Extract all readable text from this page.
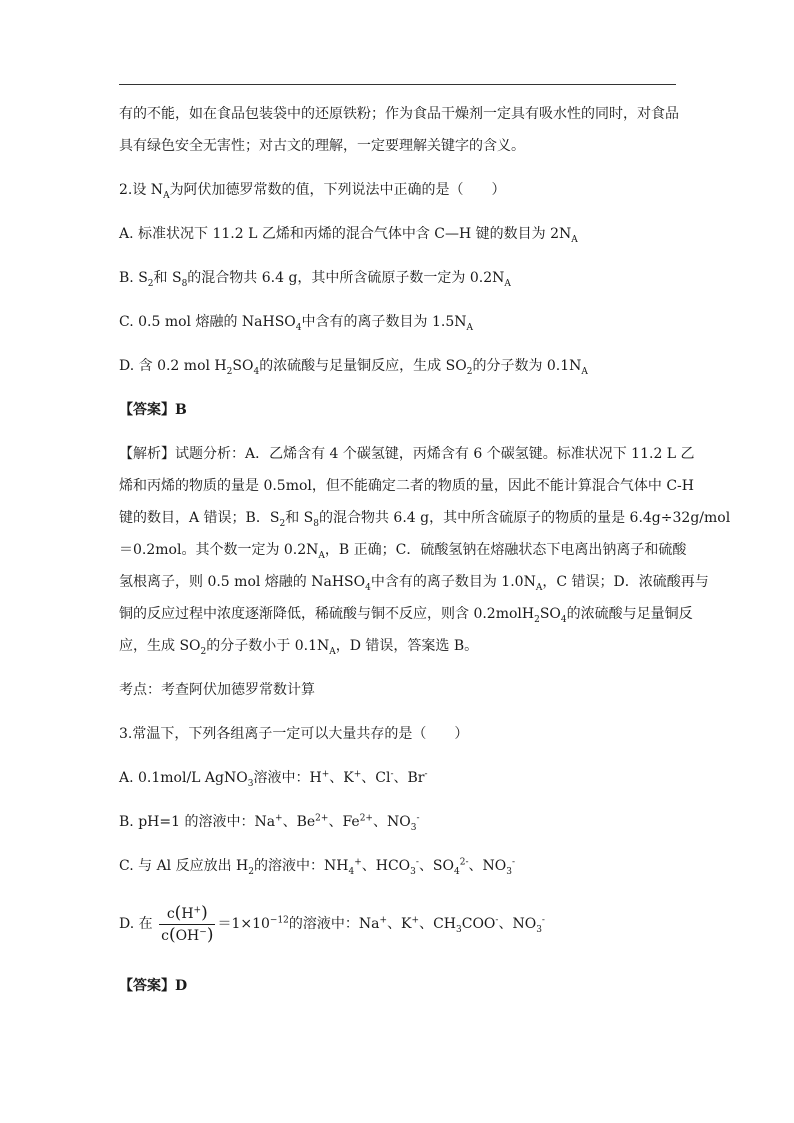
有的不能，如在食品包装袋中的还原铁粉；作为食品干燥剂一定具有吸水性的同时，对食品
具有绿色安全无害性；对古文的理解，一定要理解关键字的含义。
2.设 $N_A$为阿伏加德罗常数的值，下列说法中正确的是（　　）
A. 标准状况下 11.2 L 乙烯和丙烯的混合气体中含 C—H 键的数目为 $2N_A$
B. $S_2$和 $S_8$的混合物共 6.4 g，其中所含硫原子数一定为 $0.2N_A$
C. 0.5 mol 熔融的 NaHSO$_4$中含有的离子数目为 $1.5N_A$
D. 含 0.2 mol $H_2SO_4$的浓硫酸与足量铜反应，生成 $SO_2$的分子数为 $0.1N_A$
【答案】B
【解析】试题分析：A．乙烯含有 4 个碳氢键，丙烯含有 6 个碳氢键。标准状况下 11.2 L 乙
烯和丙烯的物质的量是 0.5mol，但不能确定二者的物质的量，因此不能计算混合气体中 C-H
键的数目，A 错误；B．$S_2$和 $S_8$的混合物共 6.4 g，其中所含硫原子的物质的量是 6.4g÷32g/mol
＝0.2mol。其个数一定为 $0.2N_A$，B 正确；C．硫酸氢钠在熔融状态下电离出钠离子和硫酸
氢根离子，则 0.5 mol 熔融的 NaHSO$_4$中含有的离子数目为 $1.0N_A$，C 错误；D．浓硫酸再与
铜的反应过程中浓度逐渐降低，稀硫酸与铜不反应，则含 $0.2molH_2SO_4$的浓硫酸与足量铜反
应，生成 $SO_2$的分子数小于 $0.1N_A$，D 错误，答案选 B。
考点：考查阿伏加德罗常数计算
3.常温下，下列各组离子一定可以大量共存的是（　　）
A. 0.1mol/L AgNO$_3$溶液中：H+、K+、Cl-、Br-
B. pH=1 的溶液中：Na+、$Be^{2+}$、$Fe^{2+}$、$NO_3^-$
C. 与 Al 反应放出 $H_2$的溶液中：$NH_4^+$、$HCO_3^-$、$SO_4^{2-}$、$NO_3^-$
D. 在 $\frac{c(H^+)}{c(OH^-)} =1\times 10^{-12}$的溶液中：Na+、K+、$CH_3COO^-$、$NO_3^-$
【答案】D
